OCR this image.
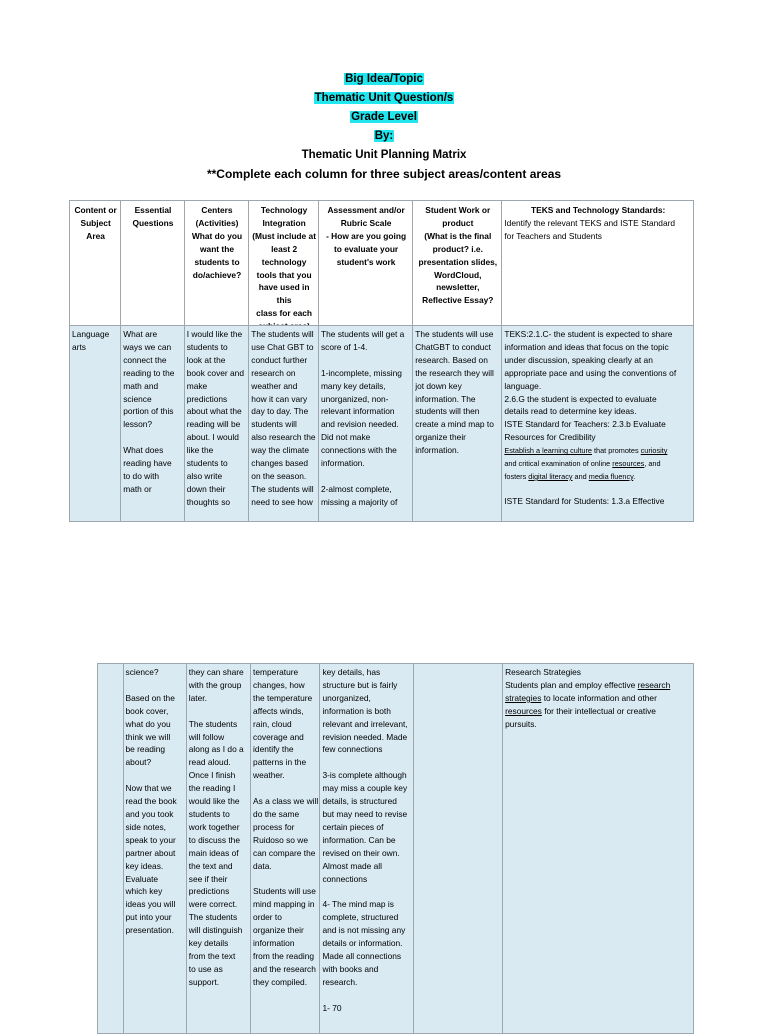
Big Idea/Topic
Thematic Unit Question/s
Grade Level
By:
Thematic Unit Planning Matrix
**Complete each column for three subject areas/content areas
Content or
Subject Area	Essential
Questions	Centers
(Activities)
What do you
want the
students to
do/achieve?	Technology
Integration
(Must include at
least 2
technology
tools that you
have used in this
class for each
	Assessment and/or
Rubric Scale
- How are you going
to evaluate your
student's work	Student Work or
product
(What is the final
product? i.e.
presentation slides,
WordCloud,
newsletter,
Reflective Essay?	
TEKS and Technology Standards:
Identify the relevant TEKS and ISTE Standard
for Teachers and Students
Language
arts	What are
ways we can
connect the
reading to the
math and
science
portion of this
lesson?

What does
reading have
to do with
math or	I would like the
students to
look at the
book cover and
make
predictions
about what the
reading will be
about. I would
like the
students to
also write
down their
thoughts so	The students will
use Chat GBT to
conduct further
research on
weather and
how it can vary
day to day. The
students will
also research the
way the climate
changes based
on the season.
The students will
need to see how	The students will get a
score of 1-4.

1-incomplete, missing
many key details,
unorganized, non-
relevant information
and revision needed.
Did not make
connections with the
information.

2-almost complete,
missing a majority of	The students will use
ChatGBT to conduct
research. Based on
the research they will
jot down key
information. The
students will then
create a mind map to
organize their
information.	TEKS:2.1.C- the student is expected to share
information and ideas that focus on the topic
under discussion, speaking clearly at an
appropriate pace and using the conventions of
language.
2.6.G the student is expected to evaluate
details read to determine key ideas.
ISTE Standard for Teachers: 2.3.b Evaluate
Resources for Credibility
Establish a learning culture that promotes curiosity
and critical examination of online resources, and
fosters digital literacy and media fluency.
ISTE Standard for Students: 1.3.a Effective
	science?

Based on the
book cover,
what do you
think we will
be reading
about?

Now that we
read the book
and you took
side notes,
speak to your
partner about
key ideas.
Evaluate
which key
ideas you will
put into your
presentation.	they can share
with the group
later.

The students
will follow
along as I do a
read aloud.
Once I finish
the reading I
would like the
students to
work together
to discuss the
main ideas of
the text and
see if their
predictions
were correct.
The students
will distinguish
key details
from the text
to use as
support.	temperature
changes, how
the temperature
affects winds,
rain, cloud
coverage and
identify the
patterns in the
weather.

As a class we will
do the same
process for
Ruidoso so we
can compare the
data.

Students will use
mind mapping in
order to
organize their
information
from the reading
and the research
they compiled.	key details, has
structure but is fairly
unorganized,
information is both
relevant and irrelevant,
revision needed. Made
few connections

3-is complete although
may miss a couple key
details, is structured
but may need to revise
certain pieces of
information. Can be
revised on their own.
Almost made all
connections

4- The mind map is
complete, structured
and is not missing any
details or information.
Made all connections
with books and
research.

1- 70		Research Strategies
Students plan and employ effective research
strategies to locate information and other
resources for their intellectual or creative
pursuits.
